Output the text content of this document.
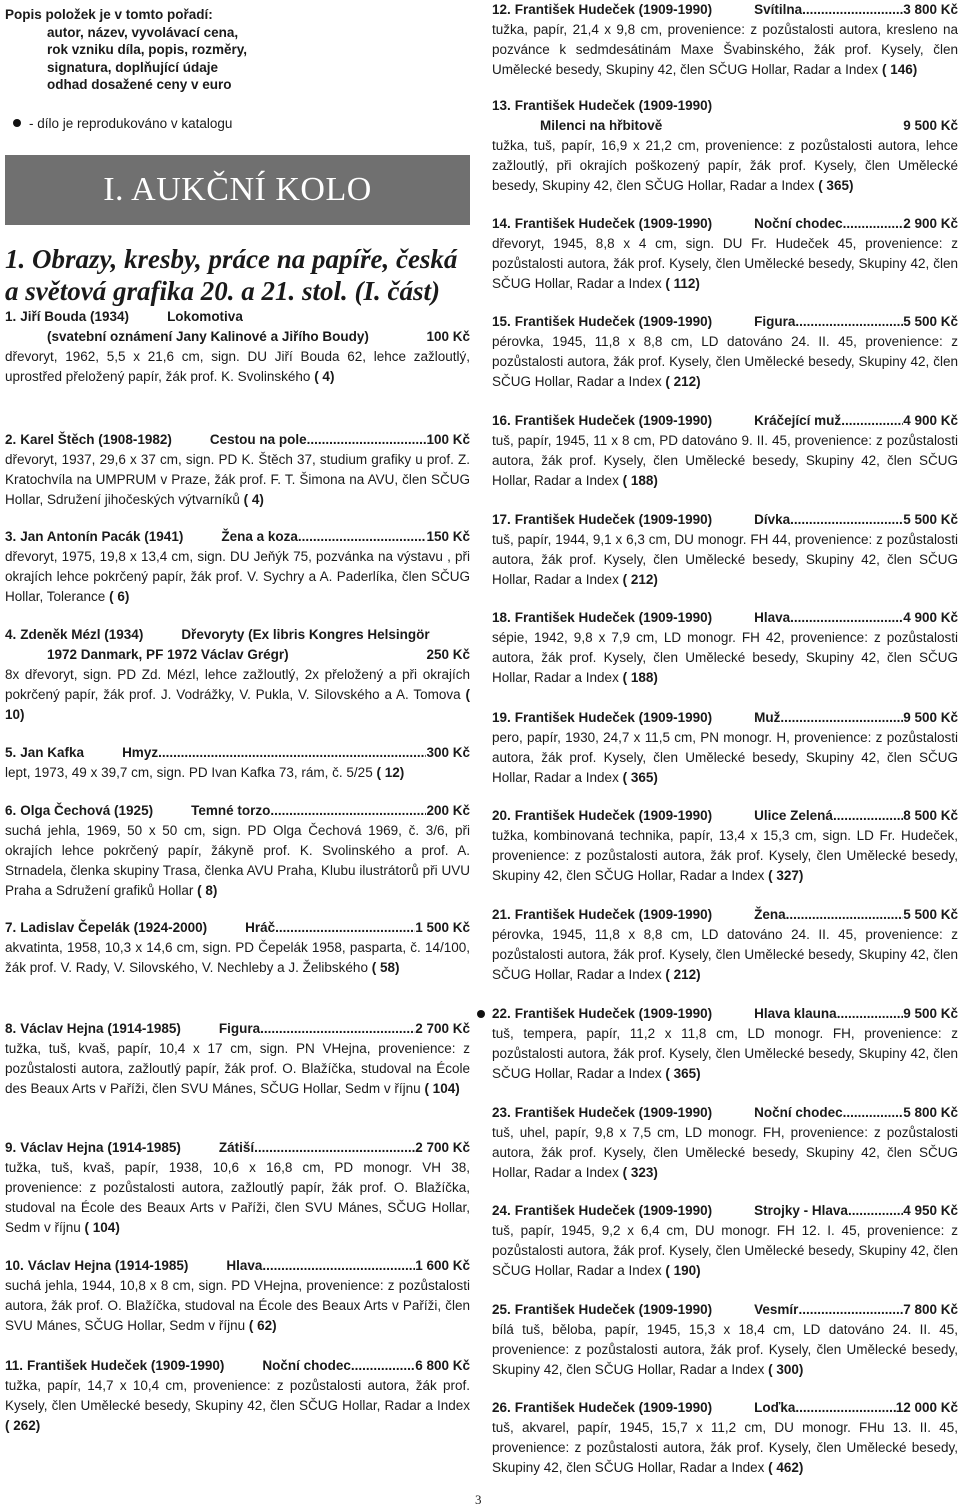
Popis položek je v tomto pořadí:
autor, název, vyvolávací cena,
rok vzniku díla, popis, rozměry,
signatura, doplňující údaje
odhad dosažené ceny v euro
- dílo je reprodukováno v katalogu
I. AUKČNÍ KOLO
1. Obrazy, kresby, práce na papíře, česká a světová grafika 20. a 21. stol. (I. část)
1. Jiří Bouda (1934)	Lokomotiva
(svatební oznámení Jany Kalinové a Jiřího Boudy)	100 Kč
dřevoryt, 1962, 5,5 x 21,6 cm, sign. DU Jiří Bouda 62, lehce zažloutlý, uprostřed přeložený papír, žák prof. K. Svolinského ( 4)
2. Karel Štěch (1908-1982)	Cestou na pole .....	100 Kč
dřevoryt, 1937, 29,6 x 37 cm, sign. PD K. Štěch 37, studium grafiky u prof. Z. Kratochvíla na UMPRUM v Praze, žák prof. F. T. Šimona na AVU, člen SČUG Hollar, Sdružení jihočeských výtvarníků ( 4)
3. Jan Antonín Pacák (1941)	Žena a koza .....	150 Kč
dřevoryt, 1975, 19,8 x 13,4 cm, sign. DU Jeňýk 75, pozvánka na výstavu , při okrajích lehce pokrčený papír, žák prof. V. Sychry a A. Paderlíka, člen SČUG Hollar, Tolerance ( 6)
4. Zdeněk Mézl (1934)	Dřevoryty (Ex libris Kongres Helsingör
1972 Danmark, PF 1972 Václav Grégr)	250 Kč
8x dřevoryt, sign. PD Zd. Mézl, lehce zažloutlý, 2x přeložený a při okrajích pokrčený papír, žák prof. J. Vodrážky, V. Pukla, V. Silovského a A. Tomova ( 10)
5. Jan Kafka	Hmyz .....	300 Kč
lept, 1973, 49 x 39,7 cm, sign. PD Ivan Kafka 73, rám, č. 5/25 ( 12)
6. Olga Čechová (1925)	Temné torzo .....	200 Kč
suchá jehla, 1969, 50 x 50 cm, sign. PD Olga Čechová 1969, č. 3/6, při okrajích lehce pokrčený papír, žákyně prof. K. Svolinského a prof. A. Strnadela, členka skupiny Trasa, členka AVU Praha, Klubu ilustrátorů při UVU Praha a Sdružení grafiků Hollar ( 8)
7. Ladislav Čepelák (1924-2000)	Hráč .....	1 500 Kč
akvatinta, 1958, 10,3 x 14,6 cm, sign. PD Čepelák 1958, pasparta, č. 14/100, žák prof. V. Rady, V. Silovského, V. Nechleby a J. Želibského ( 58)
8. Václav Hejna (1914-1985)	Figura .....	2 700 Kč
tužka, tuš, kvaš, papír, 10,4 x 17 cm, sign. PN VHejna, provenience: z pozůstalosti autora, zažloutlý papír, žák prof. O. Blažíčka, studoval na École des Beaux Arts v Paříži, člen SVU Mánes, SČUG Hollar, Sedm v říjnu ( 104)
9. Václav Hejna (1914-1985)	Zátiší .....	2 700 Kč
tužka, tuš, kvaš, papír, 1938, 10,6 x 16,8 cm, PD monogr. VH 38, provenience: z pozůstalosti autora, zažloutlý papír, žák prof. O. Blažíčka, studoval na École des Beaux Arts v Paříži, člen SVU Mánes, SČUG Hollar, Sedm v říjnu ( 104)
10. Václav Hejna (1914-1985)	Hlava .....	1 600 Kč
suchá jehla, 1944, 10,8 x 8 cm, sign. PD VHejna, provenience: z pozůstalosti autora, žák prof. O. Blažíčka, studoval na École des Beaux Arts v Paříži, člen SVU Mánes, SČUG Hollar, Sedm v říjnu ( 62)
11. František Hudeček (1909-1990)	Noční chodec .....	6 800 Kč
tužka, papír, 14,7 x 10,4 cm, provenience: z pozůstalosti autora, žák prof. Kysely, člen Umělecké besedy, Skupiny 42, člen SČUG Hollar, Radar a Index ( 262)
12. František Hudeček (1909-1990)	Svítilna .....	3 800 Kč
tužka, papír, 21,4 x 9,8 cm, provenience: z pozůstalosti autora, kresleno na pozvánce k sedmdesátinám Maxe Švabinského, žák prof. Kysely, člen Umělecké besedy, Skupiny 42, člen SČUG Hollar, Radar a Index ( 146)
13. František Hudeček (1909-1990)
Milenci na hřbitově	9 500 Kč
tužka, tuš, papír, 16,9 x 21,2 cm, provenience: z pozůstalosti autora, lehce zažloutlý, při okrajích poškozený papír, žák prof. Kysely, člen Umělecké besedy, Skupiny 42, člen SČUG Hollar, Radar a Index ( 365)
14. František Hudeček (1909-1990)	Noční chodec .....	2 900 Kč
dřevoryt, 1945, 8,8 x 4 cm, sign. DU Fr. Hudeček 45, provenience: z pozůstalosti autora, žák prof. Kysely, člen Umělecké besedy, Skupiny 42, člen SČUG Hollar, Radar a Index ( 112)
15. František Hudeček (1909-1990)	Figura .....	5 500 Kč
pérovka, 1945, 11,8 x 8,8 cm, LD datováno 24. II. 45, provenience: z pozůstalosti autora, žák prof. Kysely, člen Umělecké besedy, Skupiny 42, člen SČUG Hollar, Radar a Index ( 212)
16. František Hudeček (1909-1990)	Kráčející muž .....	4 900 Kč
tuš, papír, 1945, 11 x 8 cm, PD datováno 9. II. 45, provenience: z pozůstalosti autora, žák prof. Kysely, člen Umělecké besedy, Skupiny 42, člen SČUG Hollar, Radar a Index ( 188)
17. František Hudeček (1909-1990)	Dívka .....	5 500 Kč
tuš, papír, 1944, 9,1 x 6,3 cm, DU monogr. FH 44, provenience: z pozůstalosti autora, žák prof. Kysely, člen Umělecké besedy, Skupiny 42, člen SČUG Hollar, Radar a Index ( 212)
18. František Hudeček (1909-1990)	Hlava .....	4 900 Kč
sépie, 1942, 9,8 x 7,9 cm, LD monogr. FH 42, provenience: z pozůstalosti autora, žák prof. Kysely, člen Umělecké besedy, Skupiny 42, člen SČUG Hollar, Radar a Index ( 188)
19. František Hudeček (1909-1990)	Muž .....	9 500 Kč
pero, papír, 1930, 24,7 x 11,5 cm, PN monogr. H, provenience: z pozůstalosti autora, žák prof. Kysely, člen Umělecké besedy, Skupiny 42, člen SČUG Hollar, Radar a Index ( 365)
20. František Hudeček (1909-1990)	Ulice Zelená .....	8 500 Kč
tužka, kombinovaná technika, papír, 13,4 x 15,3 cm, sign. LD Fr. Hudeček, provenience: z pozůstalosti autora, žák prof. Kysely, člen Umělecké besedy, Skupiny 42, člen SČUG Hollar, Radar a Index ( 327)
21. František Hudeček (1909-1990)	Žena .....	5 500 Kč
pérovka, 1945, 11,8 x 8,8 cm, LD datováno 24. II. 45, provenience: z pozůstalosti autora, žák prof. Kysely, člen Umělecké besedy, Skupiny 42, člen SČUG Hollar, Radar a Index ( 212)
22. František Hudeček (1909-1990)	Hlava klauna .....	9 500 Kč
tuš, tempera, papír, 11,2 x 11,8 cm, LD monogr. FH, provenience: z pozůstalosti autora, žák prof. Kysely, člen Umělecké besedy, Skupiny 42, člen SČUG Hollar, Radar a Index ( 365)
23. František Hudeček (1909-1990)	Noční chodec .....	5 800 Kč
tuš, uhel, papír, 9,8 x 7,5 cm, LD monogr. FH, provenience: z pozůstalosti autora, žák prof. Kysely, člen Umělecké besedy, Skupiny 42, člen SČUG Hollar, Radar a Index ( 323)
24. František Hudeček (1909-1990)	Strojky - Hlava .....	4 950 Kč
tuš, papír, 1945, 9,2 x 6,4 cm, DU monogr. FH 12. I. 45, provenience: z pozůstalosti autora, žák prof. Kysely, člen Umělecké besedy, Skupiny 42, člen SČUG Hollar, Radar a Index ( 190)
25. František Hudeček (1909-1990)	Vesmír .....	7 800 Kč
bílá tuš, běloba, papír, 1945, 15,3 x 18,4 cm, LD datováno 24. II. 45, provenience: z pozůstalosti autora, žák prof. Kysely, člen Umělecké besedy, Skupiny 42, člen SČUG Hollar, Radar a Index ( 300)
26. František Hudeček (1909-1990)	Loďka .....	12 000 Kč
tuš, akvarel, papír, 1945, 15,7 x 11,2 cm, DU monogr. FHu 13. II. 45, provenience: z pozůstalosti autora, žák prof. Kysely, člen Umělecké besedy, Skupiny 42, člen SČUG Hollar, Radar a Index ( 462)
3
